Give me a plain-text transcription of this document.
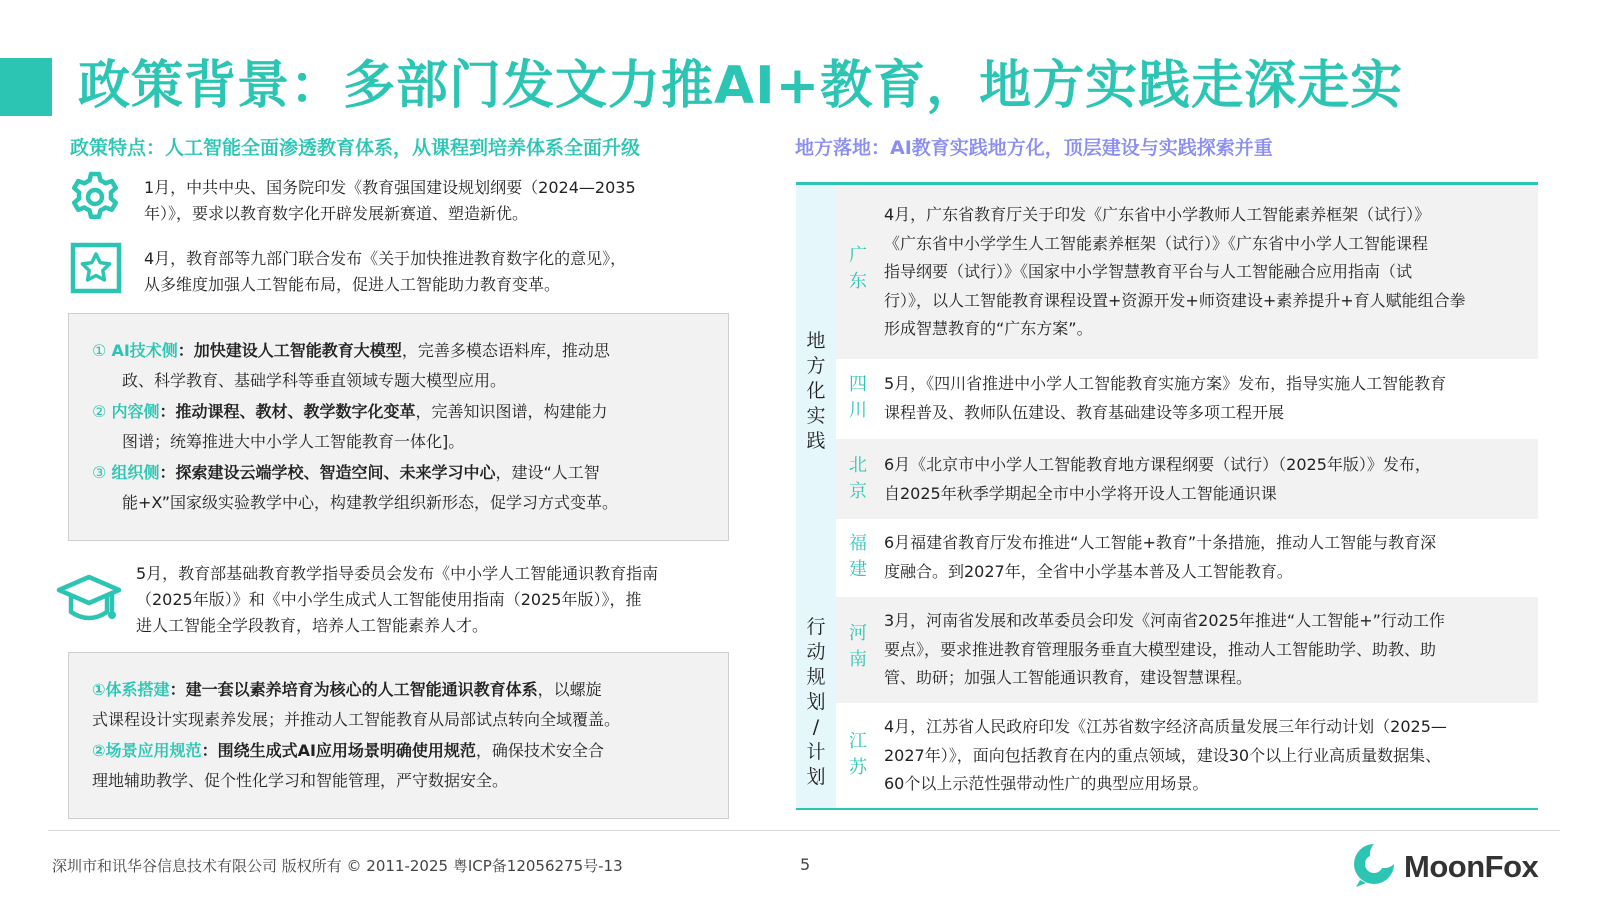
政策背景：多部门发文力推AI+教育，地方实践走深走实
政策特点：人工智能全面渗透教育体系，从课程到培养体系全面升级
1月，中共中央、国务院印发《教育强国建设规划纲要（2024—2035
年）》，要求以教育数字化开辟发展新赛道、塑造新优。
4月，教育部等九部门联合发布《关于加快推进教育数字化的意见》，
从多维度加强人工智能布局，促进人工智能助力教育变革。
① AI技术侧：加快建设人工智能教育大模型，完善多模态语料库，推动思
政、科学教育、基础学科等垂直领域专题大模型应用。
② 内容侧：推动课程、教材、教学数字化变革，完善知识图谱，构建能力
图谱；统筹推进大中小学人工智能教育一体化]。
③ 组织侧：探索建设云端学校、智造空间、未来学习中心，建设“人工智
能+X”国家级实验教学中心，构建教学组织新形态，促学习方式变革。
5月，教育部基础教育教学指导委员会发布《中小学人工智能通识教育指南
（2025年版）》和《中小学生成式人工智能使用指南（2025年版）》，推
进人工智能全学段教育，培养人工智能素养人才。
①体系搭建：建一套以素养培育为核心的人工智能通识教育体系，以螺旋
式课程设计实现素养发展；并推动人工智能教育从局部试点转向全域覆盖。
②场景应用规范：围绕生成式AI应用场景明确使用规范，确保技术安全合
理地辅助教学、促个性化学习和智能管理，严守数据安全。
地方落地：AI教育实践地方化，顶层建设与实践探索并重
地
方
化
实
践
行
动
规
划
/
计
划
广
东
4月，广东省教育厅关于印发《广东省中小学教师人工智能素养框架（试行）》
《广东省中小学学生人工智能素养框架（试行）》《广东省中小学人工智能课程
指导纲要（试行）》《国家中小学智慧教育平台与人工智能融合应用指南（试
行）》，以人工智能教育课程设置+资源开发+师资建设+素养提升+育人赋能组合拳
形成智慧教育的“广东方案”。
四
川
5月，《四川省推进中小学人工智能教育实施方案》发布，指导实施人工智能教育
课程普及、教师队伍建设、教育基础建设等多项工程开展
北
京
6月《北京市中小学人工智能教育地方课程纲要（试行）（2025年版）》发布，
自2025年秋季学期起全市中小学将开设人工智能通识课
福
建
6月福建省教育厅发布推进“人工智能+教育”十条措施，推动人工智能与教育深
度融合。到2027年，全省中小学基本普及人工智能教育。
河
南
3月，河南省发展和改革委员会印发《河南省2025年推进“人工智能+”行动工作
要点》，要求推进教育管理服务垂直大模型建设，推动人工智能助学、助教、助
管、助研；加强人工智能通识教育，建设智慧课程。
江
苏
4月，江苏省人民政府印发《江苏省数字经济高质量发展三年行动计划（2025—
2027年）》，面向包括教育在内的重点领域，建设30个以上行业高质量数据集、
60个以上示范性强带动性广的典型应用场景。
深圳市和讯华谷信息技术有限公司 版权所有 © 2011-2025 粤ICP备12056275号-13	5	MoonFox
